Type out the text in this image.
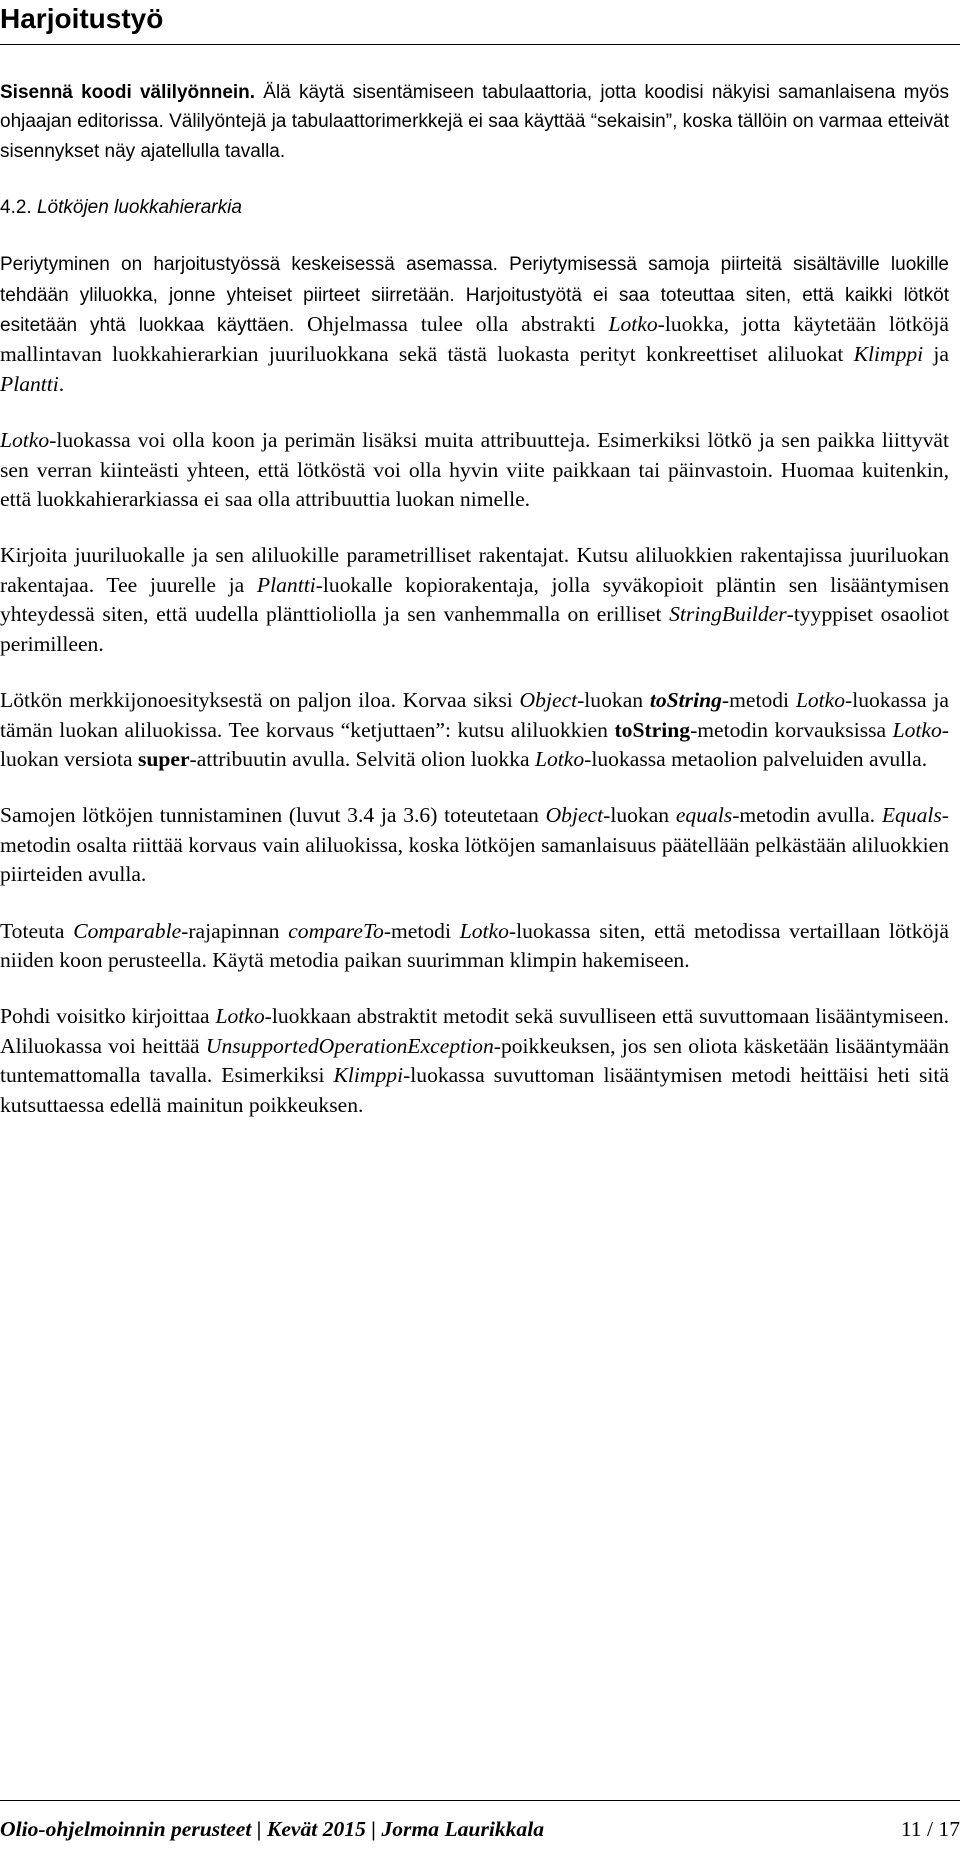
Harjoitustyö

Sisennä koodi välilyönnein. Älä käytä sisentämiseen tabulaattoria, jotta koodisi näkyisi samanlaisena myös ohjaajan editorissa. Välilyöntejä ja tabulaattorimerkkejä ei saa käyttää “sekaisin”, koska tällöin on varmaa etteivät sisennykset näy ajatellulla tavalla.

4.2. Lötköjen luokkahierarkia

Periytyminen on harjoitustyössä keskeisessä asemassa. Periytymisessä samoja piirteitä sisältäville luokille tehdään yliluokka, jonne yhteiset piirteet siirretään. Harjoitustyötä ei saa toteuttaa siten, että kaikki lötköt esitetään yhtä luokkaa käyttäen. Ohjelmassa tulee olla abstrakti Lotko-luokka, jotta käytetään lötköjä mallintavan luokkahierarkian juuriluokkana sekä tästä luokasta perityt konkreettiset aliluokat Klimppi ja Plantti.

Lotko-luokassa voi olla koon ja perimän lisäksi muita attribuutteja. Esimerkiksi lötkö ja sen paikka liittyvät sen verran kiinteästi yhteen, että lötköstä voi olla hyvin viite paikkaan tai päinvastoin. Huomaa kuitenkin, että luokkahierarkiassa ei saa olla attribuuttia luokan nimelle.

Kirjoita juuriluokalle ja sen aliluokille parametrilliset rakentajat. Kutsu aliluokkien rakentajissa juuriluokan rakentajaa. Tee juurelle ja Plantti-luokalle kopiorakentaja, jolla syväkopioit pläntin sen lisääntymisen yhteydessä siten, että uudella plänttioliolla ja sen vanhemmalla on erilliset StringBuilder-tyyppiset osaoliot perimilleen.

Lötkön merkkijonoesityksestä on paljon iloa. Korvaa siksi Object-luokan toString-metodi Lotko-luokassa ja tämän luokan aliluokissa. Tee korvaus “ketjuttaen”: kutsu aliluokkien toString-metodin korvauksissa Lotko-luokan versiota super-attribuutin avulla. Selvitä olion luokka Lotko-luokassa metaolion palveluiden avulla.

Samojen lötköjen tunnistaminen (luvut 3.4 ja 3.6) toteutetaan Object-luokan equals-metodin avulla. Equals-metodin osalta riittää korvaus vain aliluokissa, koska lötköjen samanlaisuus päätellään pelkästään aliluokkien piirteiden avulla.

Toteuta Comparable-rajapinnan compareTo-metodi Lotko-luokassa siten, että metodissa vertaillaan lötköjä niiden koon perusteella. Käytä metodia paikan suurimman klimpin hakemiseen.

Pohdi voisitko kirjoittaa Lotko-luokkaan abstraktit metodit sekä suvulliseen että suvuttomaan lisääntymiseen. Aliluokassa voi heittää UnsupportedOperationException-poikkeuksen, jos sen oliota käsketään lisääntymään tuntemattomalla tavalla. Esimerkiksi Klimppi-luokassa suvuttoman lisääntymisen metodi heittäisi heti sitä kutsuttaessa edellä mainitun poikkeuksen.

Olio-ohjelmoinnin perusteet | Kevät 2015 | Jorma Laurikkala	11 / 17
